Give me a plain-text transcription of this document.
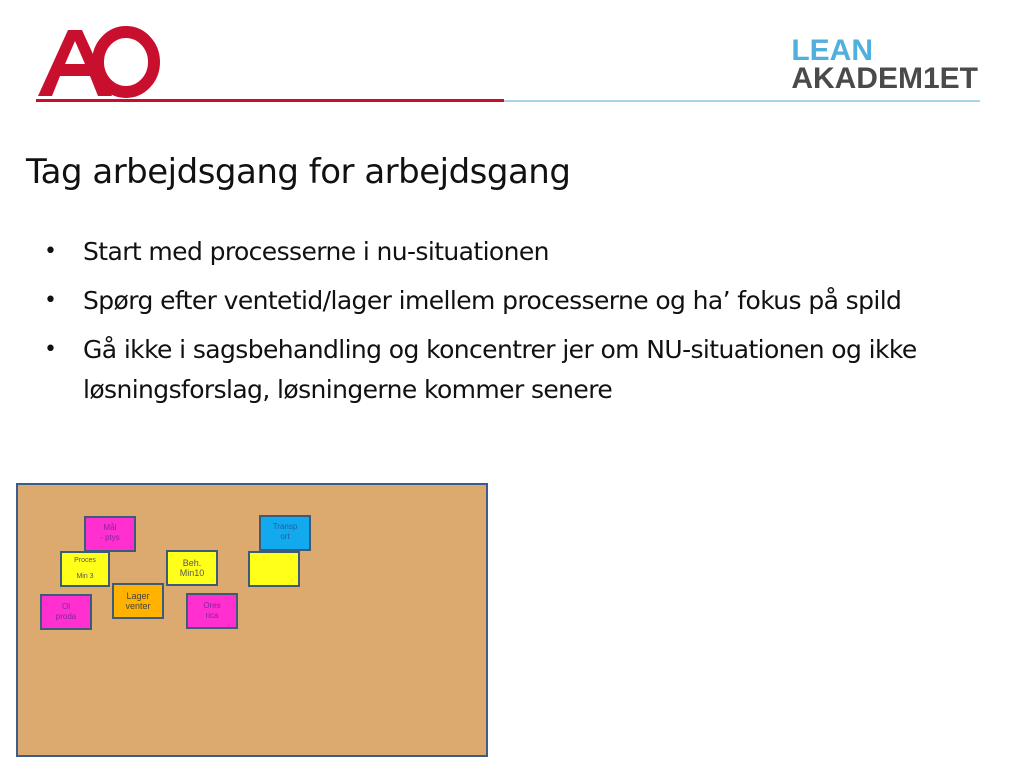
LEAN
AKADEM1ET
Tag arbejdsgang for arbejdsgang
• Start med processerne i nu-situationen
• Spørg efter ventetid/lager imellem processerne og ha’ fokus på spild
• Gå ikke i sagsbehandling og koncentrer jer om NU-situationen og ikke løsningsforslag, løsningerne kommer senere
Mål
- ptys
Proces
Min 3
Ol
proda
Lager
venter
Beh.
Min10
Ores
rica
Transp
ort
